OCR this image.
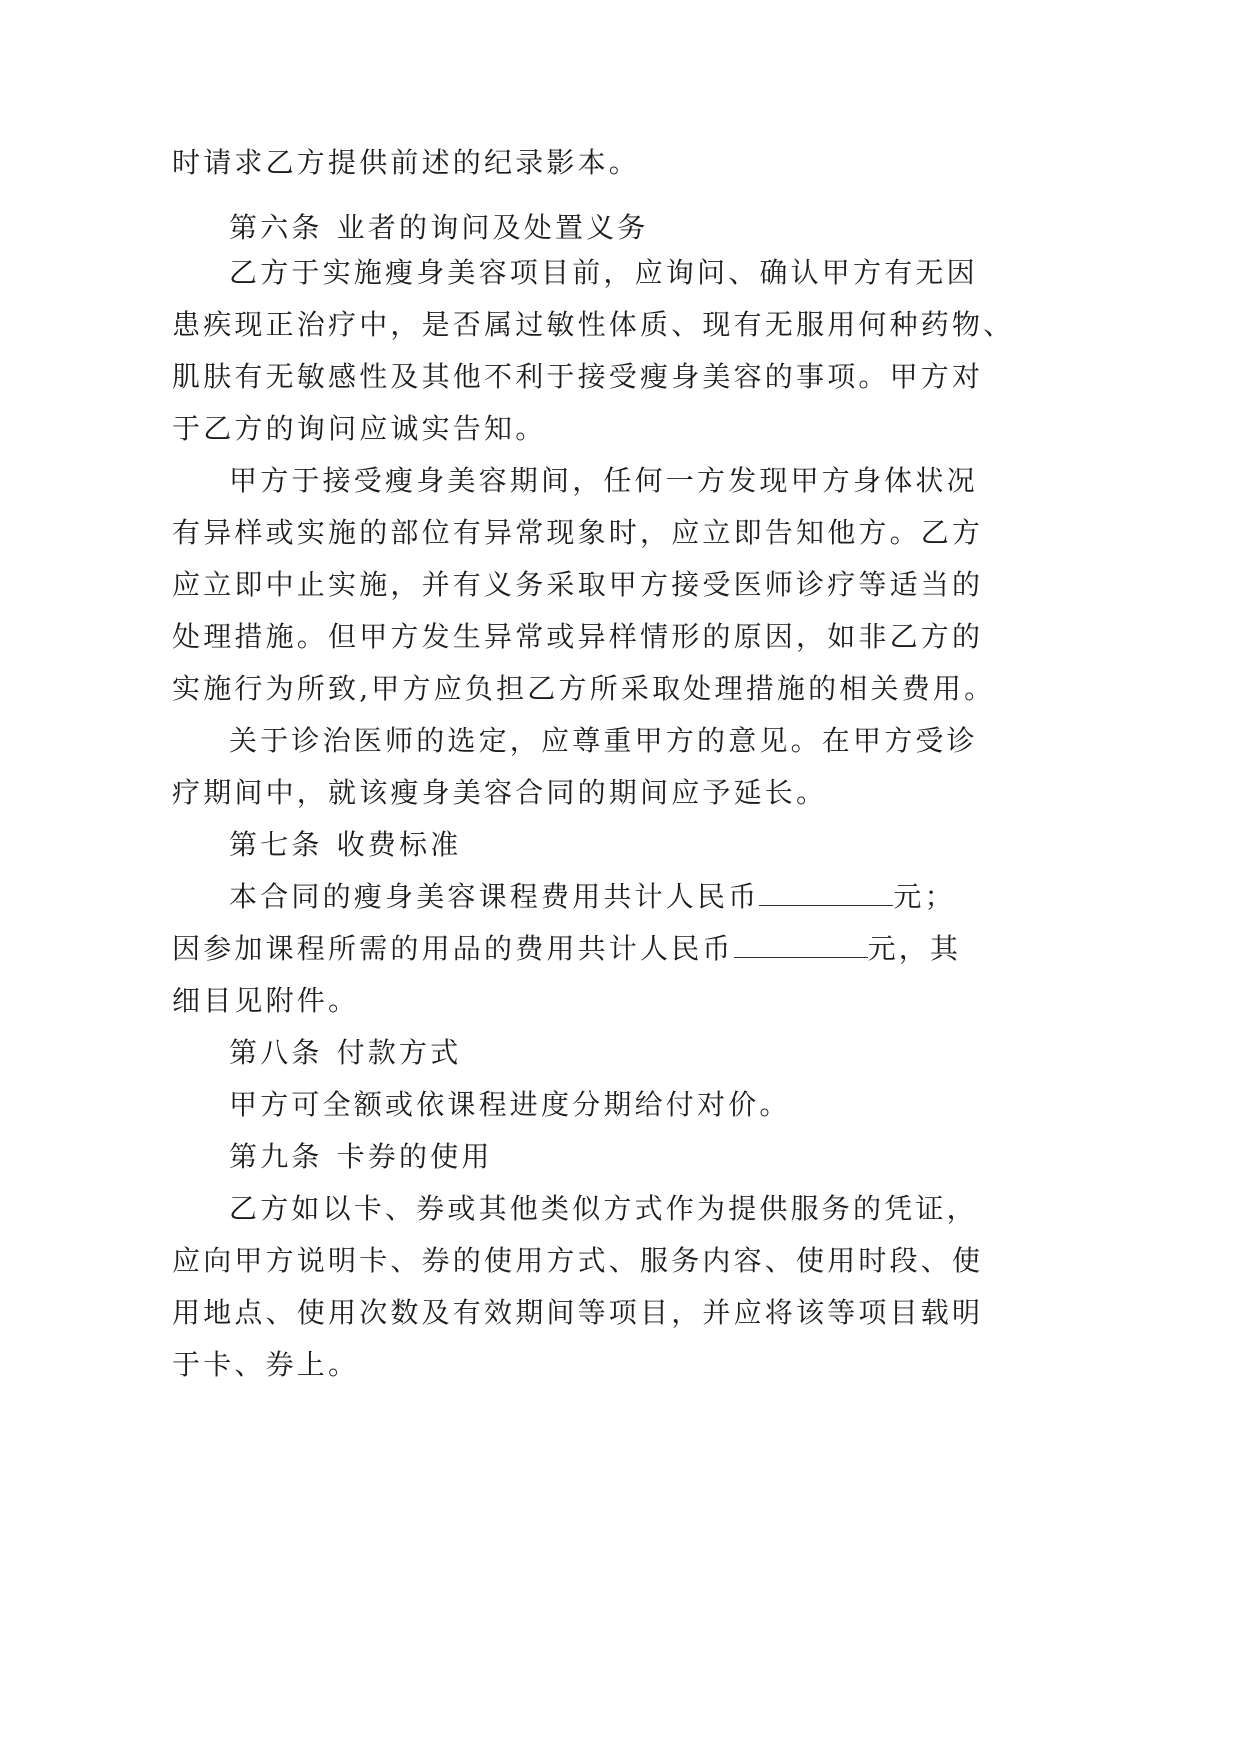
时请求乙方提供前述的纪录影本。
第六条 业者的询问及处置义务
乙方于实施瘦身美容项目前，应询问、确认甲方有无因
患疾现正治疗中，是否属过敏性体质、现有无服用何种药物、
肌肤有无敏感性及其他不利于接受瘦身美容的事项。甲方对
于乙方的询问应诚实告知。
甲方于接受瘦身美容期间，任何一方发现甲方身体状况
有异样或实施的部位有异常现象时，应立即告知他方。乙方
应立即中止实施，并有义务采取甲方接受医师诊疗等适当的
处理措施。但甲方发生异常或异样情形的原因，如非乙方的
实施行为所致,甲方应负担乙方所采取处理措施的相关费用。
关于诊治医师的选定，应尊重甲方的意见。在甲方受诊
疗期间中，就该瘦身美容合同的期间应予延长。
第七条 收费标准
本合同的瘦身美容课程费用共计人民币	元；
因参加课程所需的用品的费用共计人民币	元，其
细目见附件。
第八条 付款方式
甲方可全额或依课程进度分期给付对价。
第九条 卡券的使用
乙方如以卡、券或其他类似方式作为提供服务的凭证，
应向甲方说明卡、券的使用方式、服务内容、使用时段、使
用地点、使用次数及有效期间等项目，并应将该等项目载明
于卡、券上。
